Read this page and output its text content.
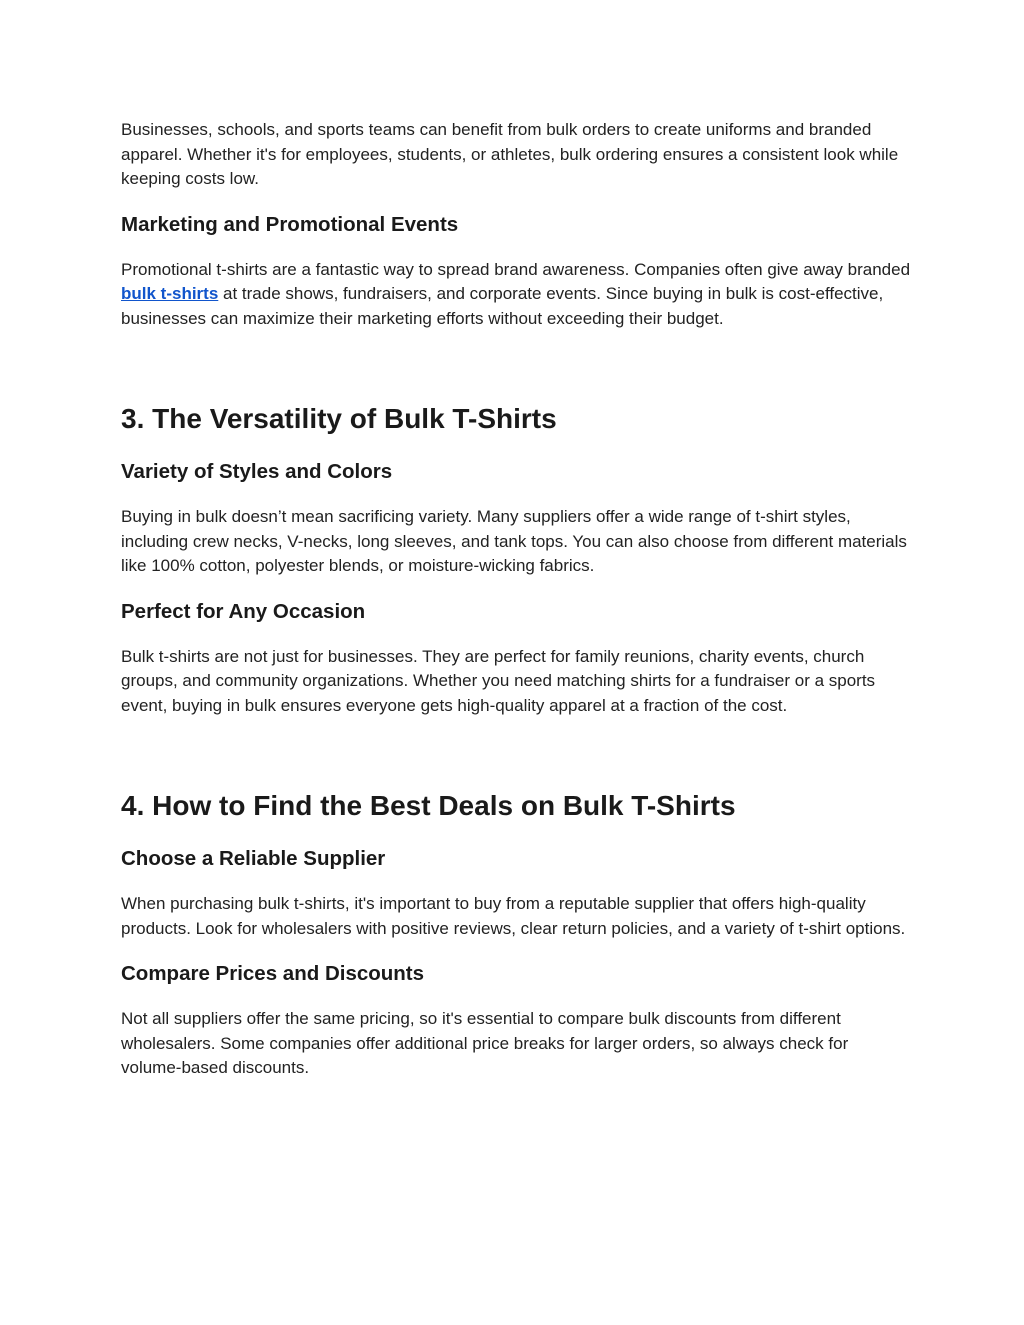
Businesses, schools, and sports teams can benefit from bulk orders to create uniforms and branded apparel. Whether it's for employees, students, or athletes, bulk ordering ensures a consistent look while keeping costs low.

Marketing and Promotional Events

Promotional t-shirts are a fantastic way to spread brand awareness. Companies often give away branded bulk t-shirts at trade shows, fundraisers, and corporate events. Since buying in bulk is cost-effective, businesses can maximize their marketing efforts without exceeding their budget.

3. The Versatility of Bulk T-Shirts
Variety of Styles and Colors

Buying in bulk doesn’t mean sacrificing variety. Many suppliers offer a wide range of t-shirt styles, including crew necks, V-necks, long sleeves, and tank tops. You can also choose from different materials like 100% cotton, polyester blends, or moisture-wicking fabrics.

Perfect for Any Occasion

Bulk t-shirts are not just for businesses. They are perfect for family reunions, charity events, church groups, and community organizations. Whether you need matching shirts for a fundraiser or a sports event, buying in bulk ensures everyone gets high-quality apparel at a fraction of the cost.

4. How to Find the Best Deals on Bulk T-Shirts
Choose a Reliable Supplier

When purchasing bulk t-shirts, it's important to buy from a reputable supplier that offers high-quality products. Look for wholesalers with positive reviews, clear return policies, and a variety of t-shirt options.

Compare Prices and Discounts

Not all suppliers offer the same pricing, so it's essential to compare bulk discounts from different wholesalers. Some companies offer additional price breaks for larger orders, so always check for volume-based discounts.
